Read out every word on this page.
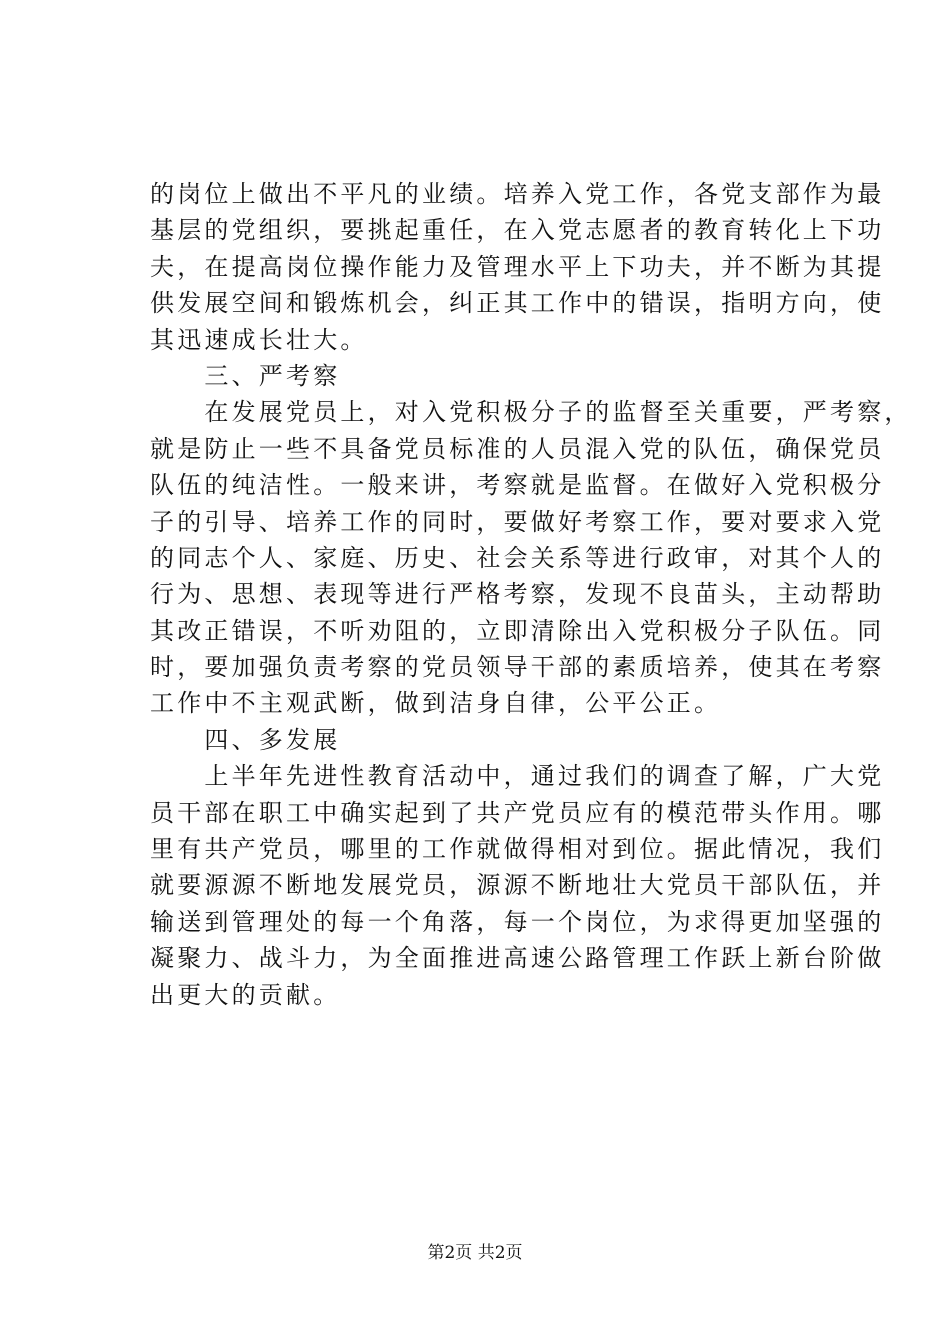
的岗位上做出不平凡的业绩。培养入党工作，各党支部作为最
基层的党组织，要挑起重任，在入党志愿者的教育转化上下功
夫，在提高岗位操作能力及管理水平上下功夫，并不断为其提
供发展空间和锻炼机会，纠正其工作中的错误，指明方向，使
其迅速成长壮大。
　　三、严考察
　　在发展党员上，对入党积极分子的监督至关重要，严考察，
就是防止一些不具备党员标准的人员混入党的队伍，确保党员
队伍的纯洁性。一般来讲，考察就是监督。在做好入党积极分
子的引导、培养工作的同时，要做好考察工作，要对要求入党
的同志个人、家庭、历史、社会关系等进行政审，对其个人的
行为、思想、表现等进行严格考察，发现不良苗头，主动帮助
其改正错误，不听劝阻的，立即清除出入党积极分子队伍。同
时，要加强负责考察的党员领导干部的素质培养，使其在考察
工作中不主观武断，做到洁身自律，公平公正。
　　四、多发展
　　上半年先进性教育活动中，通过我们的调查了解，广大党
员干部在职工中确实起到了共产党员应有的模范带头作用。哪
里有共产党员，哪里的工作就做得相对到位。据此情况，我们
就要源源不断地发展党员，源源不断地壮大党员干部队伍，并
输送到管理处的每一个角落，每一个岗位，为求得更加坚强的
凝聚力、战斗力，为全面推进高速公路管理工作跃上新台阶做
出更大的贡献。
第2页 共2页
